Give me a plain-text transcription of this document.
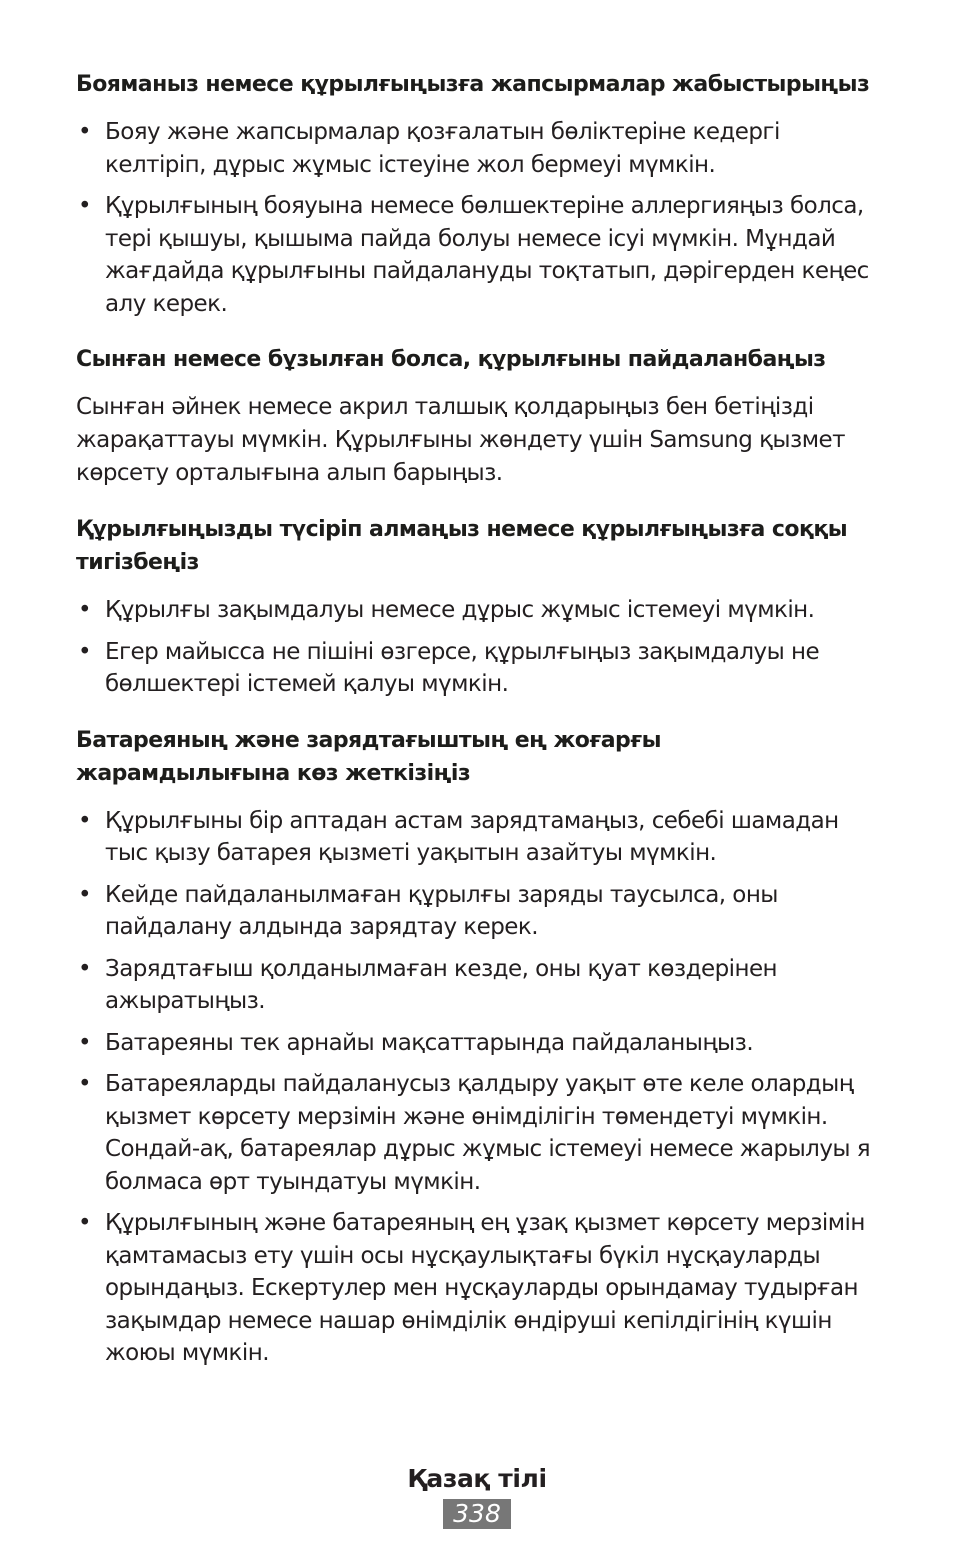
Бояманыз немесе құрылғыңызға жапсырмалар жабыстырыңыз

• Бояу және жапсырмалар қозғалатын бөліктеріне кедергі келтіріп, дұрыс жұмыс істеуіне жол бермеуі мүмкін.
• Құрылғының бояуына немесе бөлшектеріне аллергияңыз болса, тері қышуы, қышыма пайда болуы немесе ісуі мүмкін. Мұндай жағдайда құрылғыны пайдалануды тоқтатып, дәрігерден кеңес алу керек.

Сынған немесе бұзылған болса, құрылғыны пайдаланбаңыз

Сынған әйнек немесе акрил талшық қолдарыңыз бен бетіңізді жарақаттауы мүмкін. Құрылғыны жөндету үшін Samsung қызмет көрсету орталығына алып барыңыз.

Құрылғыңызды түсіріп алмаңыз немесе құрылғыңызға соққы тигізбеңіз

• Құрылғы зақымдалуы немесе дұрыс жұмыс істемеуі мүмкін.
• Егер майысса не пішіні өзгерсе, құрылғыңыз зақымдалуы не бөлшектері істемей қалуы мүмкін.

Батареяның және зарядтағыштың ең жоғарғы жарамдылығына көз жеткізіңіз

• Құрылғыны бір аптадан астам зарядтамаңыз, себебі шамадан тыс қызу батарея қызметі уақытын азайтуы мүмкін.
• Кейде пайдаланылмаған құрылғы заряды таусылса, оны пайдалану алдында зарядтау керек.
• Зарядтағыш қолданылмаған кезде, оны қуат көздерінен ажыратыңыз.
• Батареяны тек арнайы мақсаттарында пайдаланыңыз.
• Батареяларды пайдаланусыз қалдыру уақыт өте келе олардың қызмет көрсету мерзімін және өнімділігін төмендетуі мүмкін. Сондай-ақ, батареялар дұрыс жұмыс істемеуі немесе жарылуы я болмаса өрт туындатуы мүмкін.
• Құрылғының және батареяның ең ұзақ қызмет көрсету мерзімін қамтамасыз ету үшін осы нұсқаулықтағы бүкіл нұсқауларды орындаңыз. Ескертулер мен нұсқауларды орындамау тудырған зақымдар немесе нашар өнімділік өндіруші кепілдігінің күшін жоюы мүмкін.
Қазақ тілі
338
